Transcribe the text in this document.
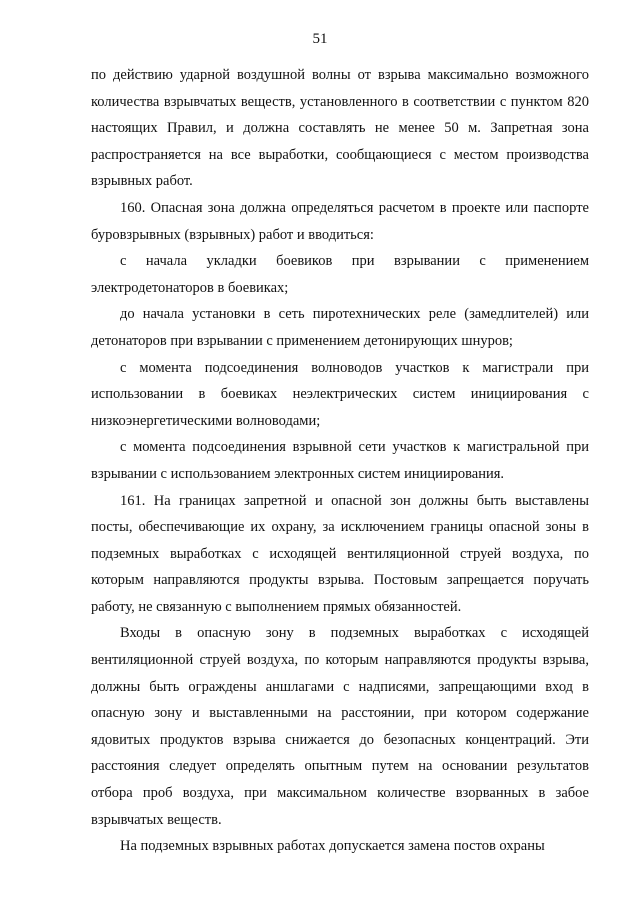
51

по действию ударной воздушной волны от взрыва максимально возможного количества взрывчатых веществ, установленного в соответствии с пунктом 820 настоящих Правил, и должна составлять не менее 50 м. Запретная зона распространяется на все выработки, сообщающиеся с местом производства взрывных работ.

160. Опасная зона должна определяться расчетом в проекте или паспорте буровзрывных (взрывных) работ и вводиться:

с начала укладки боевиков при взрывании с применением электродетонаторов в боевиках;

до начала установки в сеть пиротехнических реле (замедлителей) или детонаторов при взрывании с применением детонирующих шнуров;

с момента подсоединения волноводов участков к магистрали при использовании в боевиках неэлектрических систем инициирования с низкоэнергетическими волноводами;

с момента подсоединения взрывной сети участков к магистральной при взрывании с использованием электронных систем инициирования.

161. На границах запретной и опасной зон должны быть выставлены посты, обеспечивающие их охрану, за исключением границы опасной зоны в подземных выработках с исходящей вентиляционной струей воздуха, по которым направляются продукты взрыва. Постовым запрещается поручать работу, не связанную с выполнением прямых обязанностей.

Входы в опасную зону в подземных выработках с исходящей вентиляционной струей воздуха, по которым направляются продукты взрыва, должны быть ограждены аншлагами с надписями, запрещающими вход в опасную зону и выставленными на расстоянии, при котором содержание ядовитых продуктов взрыва снижается до безопасных концентраций. Эти расстояния следует определять опытным путем на основании результатов отбора проб воздуха, при максимальном количестве взорванных в забое взрывчатых веществ.

На подземных взрывных работах допускается замена постов охраны
